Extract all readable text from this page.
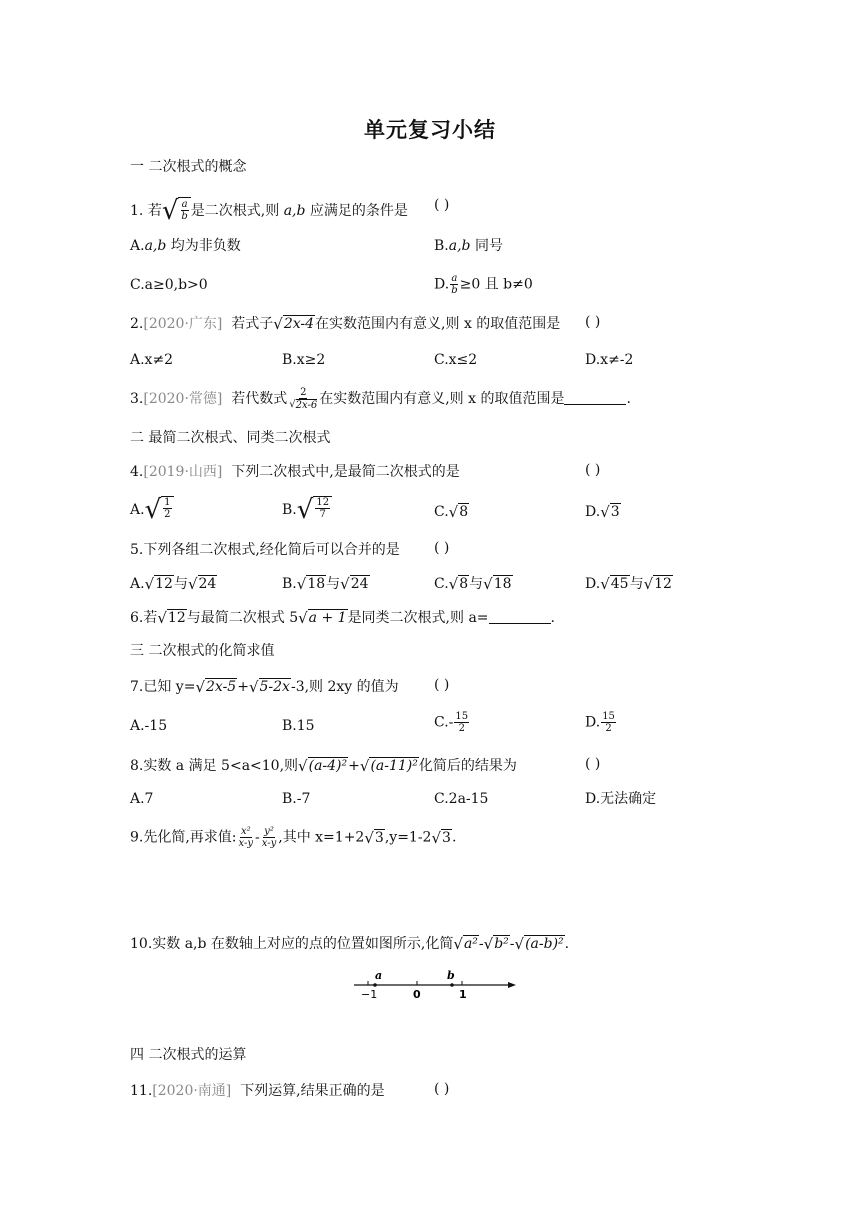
单元复习小结
一 二次根式的概念
1. 若 √ $\frac{a}{b}$ 是二次根式,则 a,b 应满足的条件是 ( )
A.a,b 均为非负数	B.a,b 同号
C.a≥0,b>0	D. $\frac{a}{b} \ge 0$ 且 b≠0
2.[2020·广东] 若式子 √ 2x-4 在实数范围内有意义,则 x 的取值范围是 ( )
A.x≠2	B.x≥2	C.x≤2	D.x≠-2
3.[2020·常德] 若代数式 $\frac{2}{√ 2x-6}$ 在实数范围内有意义,则 x 的取值范围是	.
二 最简二次根式、同类二次根式
4.[2019·山西] 下列二次根式中,是最简二次根式的是	( )
A. √ $\frac{1}{2}$	B. √ $\frac{12}{7}$	C. √ 8	D. √ 3
5.下列各组二次根式,经化简后可以合并的是 ( )
A. √ 12 与 √ 24	B. √ 18 与 √ 24	C. √ 8 与 √ 18	D. √ 45 与 √ 12
6.若 √ 12 与最简二次根式 5 √ a + 1 是同类二次根式,则 a=	.
三 二次根式的化简求值
7.已知 y= √ 2x-5 + √ 5-2x -3,则 2xy 的值为	( )
A.-15	B.15	$C.- \frac{15}{2}$	D. $\frac{15}{2}$
8.实数 a 满足 5<a<10,则 √ (a-4)² + √ (a-11)² 化简后的结果为	( )
A.7	B.-7	C.2a-15	D.无法确定
9.先化简,再求值: $\frac{\text{x²}}{x-y} - \frac{\text{y²}}{x-y}$ ,其中 x=1+2 √ 3 ,y=1-2 √ 3 .
10.实数 a,b 在数轴上对应的点的位置如图所示,化简 √ a² - √ b² - √ (a-b)² .
a	b
−1	0	1
四 二次根式的运算
11.[2020·南通] 下列运算,结果正确的是	( )
